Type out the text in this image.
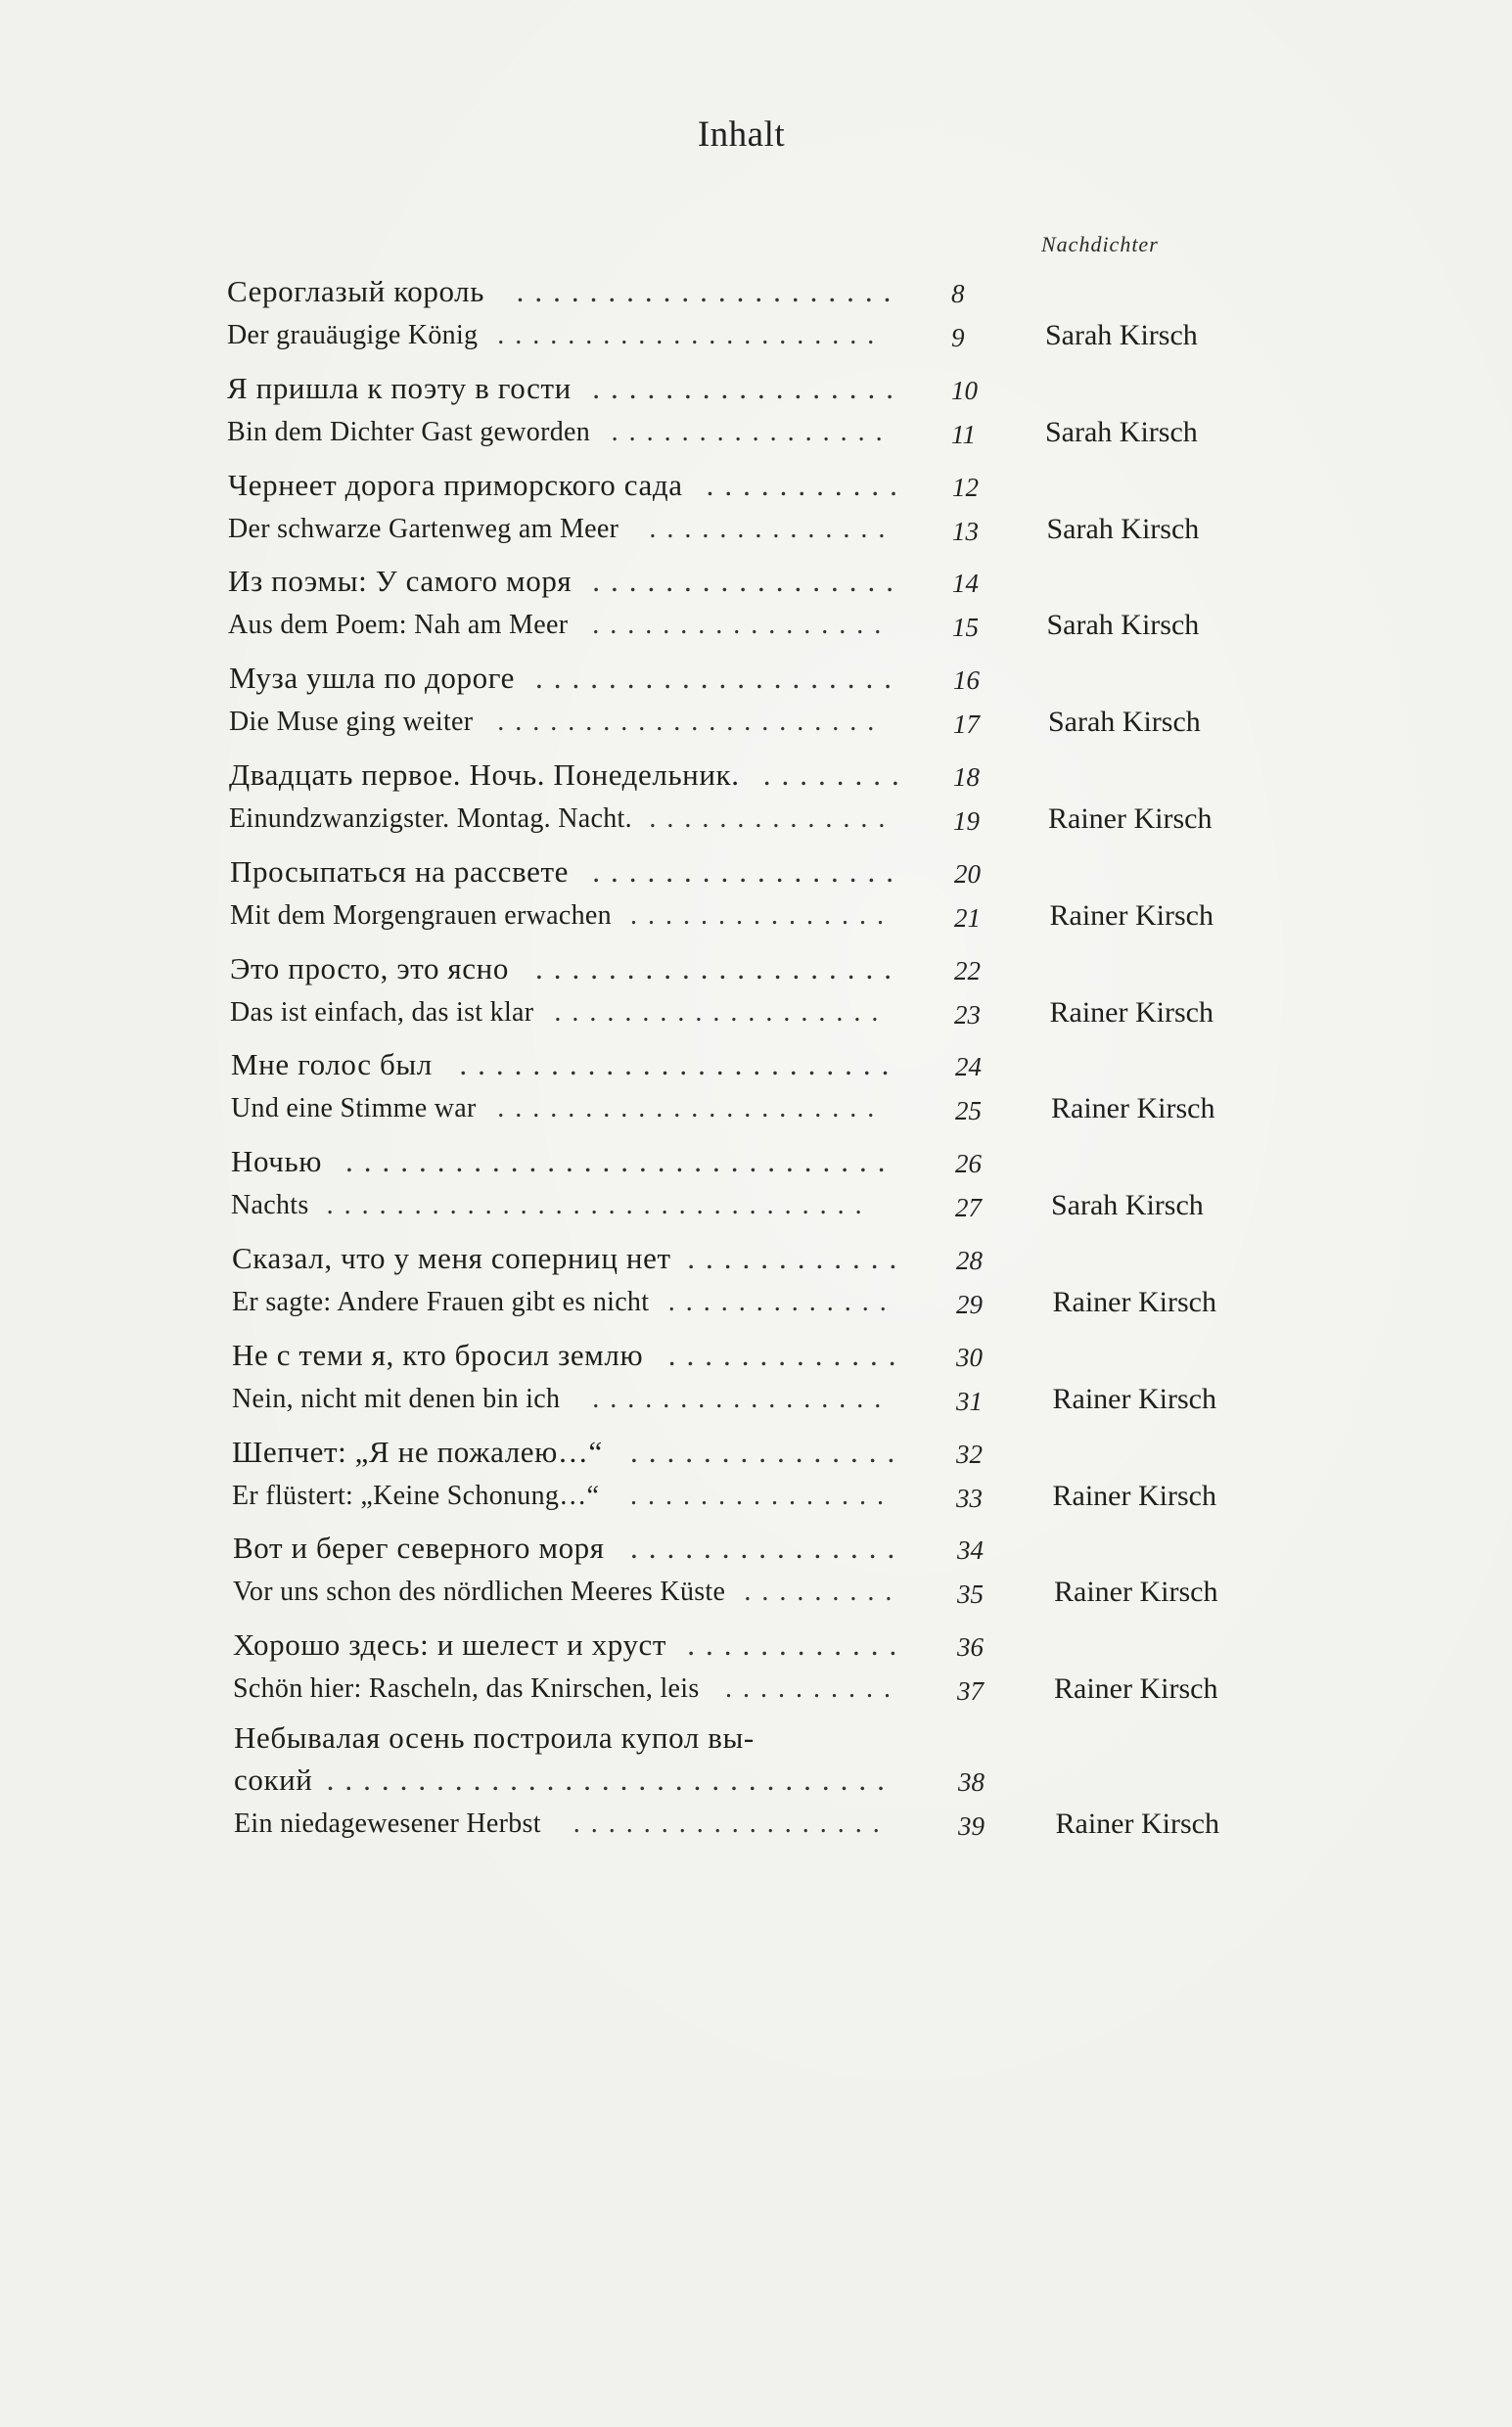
Inhalt
Nachdichter
Сероглазый король ..................... 8
Der grauäugige König ......................	9	Sarah Kirsch
Я пришла к поэту в гости ................. 10
Bin dem Dichter Gast geworden ................ 11 Sarah Kirsch
Чернеет дорога приморского сада ........... 12
Der schwarze Gartenweg am Meer .............. 13 Sarah Kirsch
Из поэмы: У самого моря ................. 14
Aus dem Poem: Nah am Meer ................. 15 Sarah Kirsch
Муза ушла по дороге .................... 16
Die Muse ging weiter ......................	17 Sarah Kirsch
Двадцать первое. Ночь. Понедельник. ........ 18
Einundzwanzigster. Montag. Nacht. .............. 19 Rainer Kirsch
Просыпаться на рассвете ................. 20
Mit dem Morgengrauen erwachen ............... 21 Rainer Kirsch
Это просто, это ясно .................... 22
Das ist einfach, das ist klar ................... 23 Rainer Kirsch
Мне голос был ........................ 24
Und eine Stimme war ......................	25 Rainer Kirsch
Ночью .............................. 26
Nachts ...............................	27 Sarah Kirsch
Сказал, что у меня соперниц нет ............ 28
Er sagte: Andere Frauen gibt es nicht ............. 29 Rainer Kirsch
Не с теми я, кто бросил землю ............. 30
Nein, nicht mit denen bin ich ................. 31 Rainer Kirsch
Шепчет: „Я не пожалею…“ ............... 32
Er flüstert: „Keine Schonung…“ ............... 33 Rainer Kirsch
Вот и берег северного моря ............... 34
Vor uns schon des nördlichen Meeres Küste ......... 35 Rainer Kirsch
Хорошо здесь: и шелест и хруст ............ 36
Schön hier: Rascheln, das Knirschen, leis .......... 37 Rainer Kirsch
Небывалая осень построила купол вы-
сокий ............................... 38
Ein niedagewesener Herbst ..................	39 Rainer Kirsch
